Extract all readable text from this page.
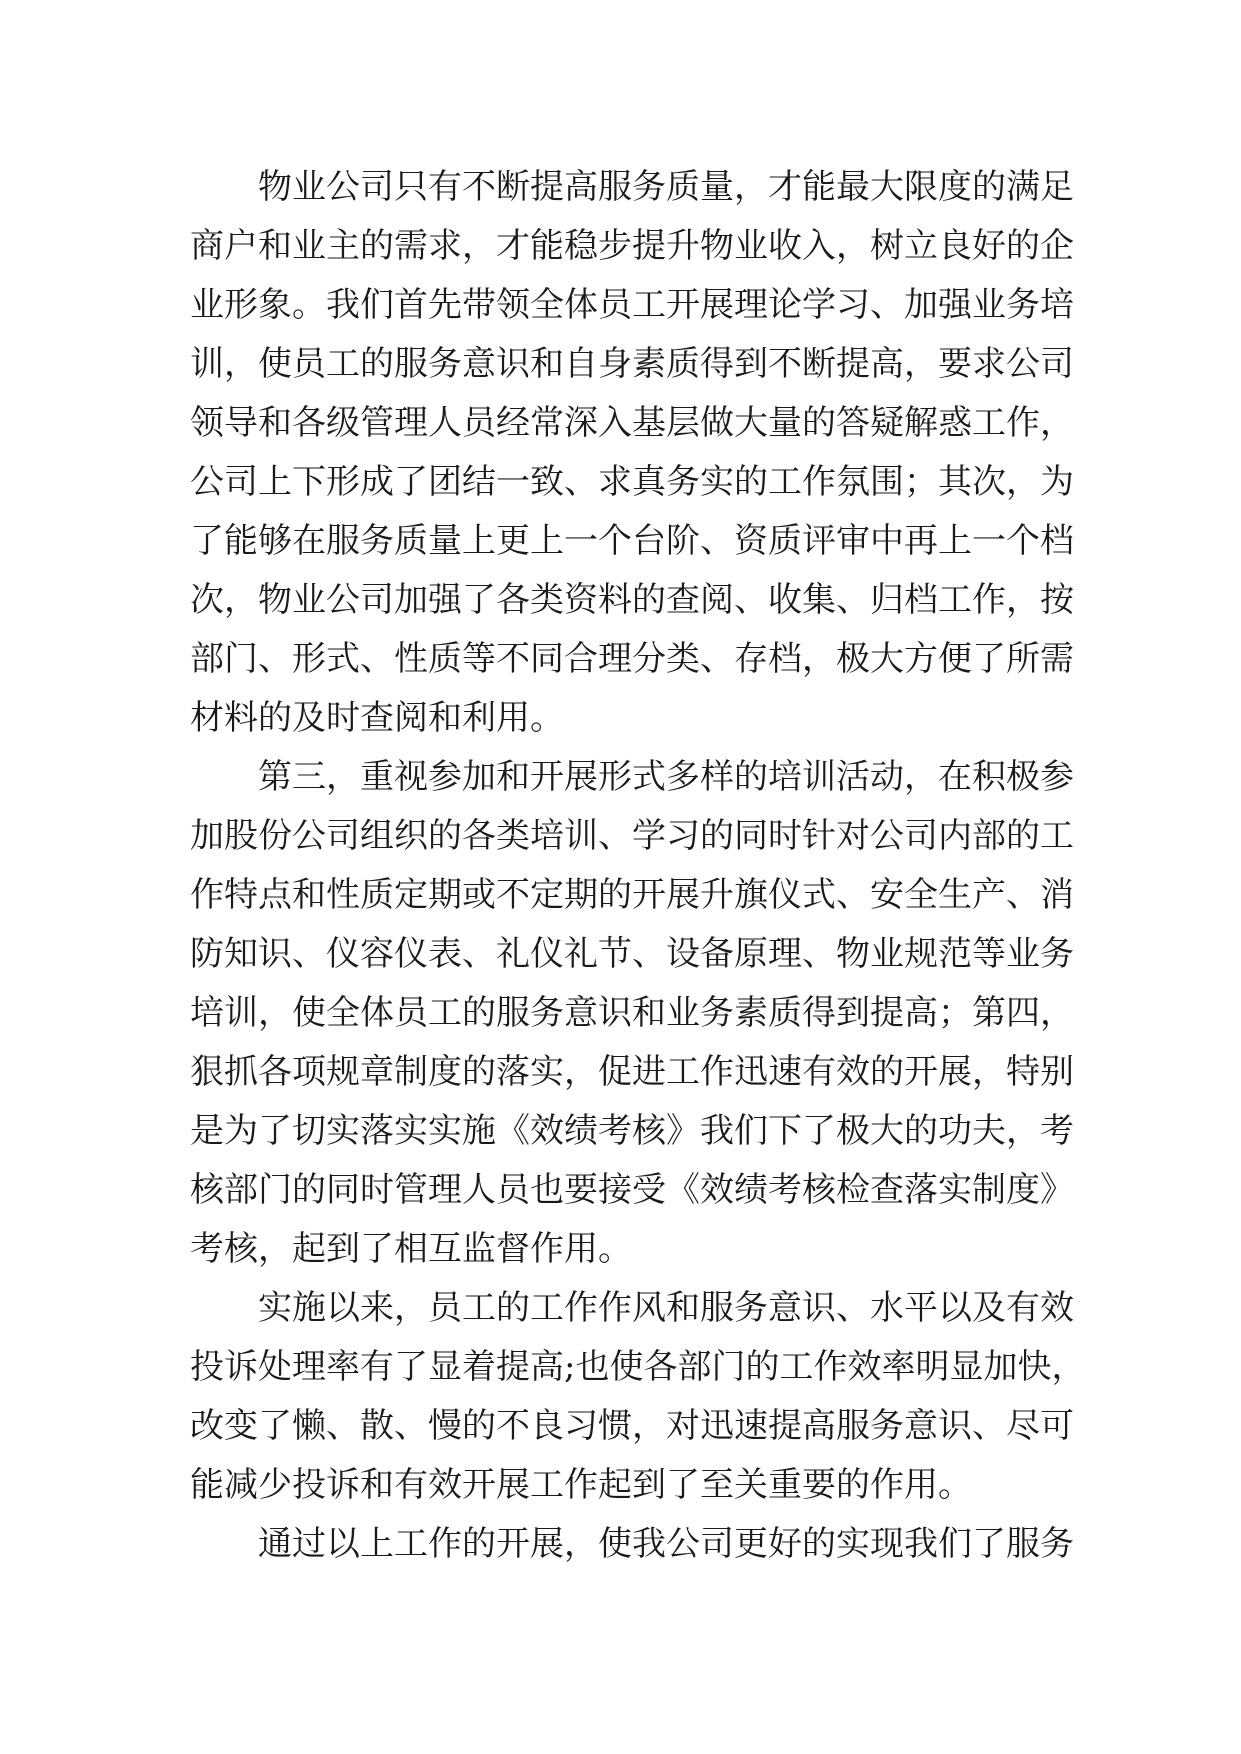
物业公司只有不断提高服务质量，才能最大限度的满足
商户和业主的需求，才能稳步提升物业收入，树立良好的企
业形象。我们首先带领全体员工开展理论学习、加强业务培
训，使员工的服务意识和自身素质得到不断提高，要求公司
领导和各级管理人员经常深入基层做大量的答疑解惑工作，
公司上下形成了团结一致、求真务实的工作氛围；其次，为
了能够在服务质量上更上一个台阶、资质评审中再上一个档
次，物业公司加强了各类资料的查阅、收集、归档工作，按
部门、形式、性质等不同合理分类、存档，极大方便了所需
材料的及时查阅和利用。
第三，重视参加和开展形式多样的培训活动，在积极参
加股份公司组织的各类培训、学习的同时针对公司内部的工
作特点和性质定期或不定期的开展升旗仪式、安全生产、消
防知识、仪容仪表、礼仪礼节、设备原理、物业规范等业务
培训，使全体员工的服务意识和业务素质得到提高；第四，
狠抓各项规章制度的落实，促进工作迅速有效的开展，特别
是为了切实落实实施《效绩考核》我们下了极大的功夫，考
核部门的同时管理人员也要接受《效绩考核检查落实制度》
考核，起到了相互监督作用。
实施以来，员工的工作作风和服务意识、水平以及有效
投诉处理率有了显着提高;也使各部门的工作效率明显加快，
改变了懒、散、慢的不良习惯，对迅速提高服务意识、尽可
能减少投诉和有效开展工作起到了至关重要的作用。
通过以上工作的开展，使我公司更好的实现我们了服务
